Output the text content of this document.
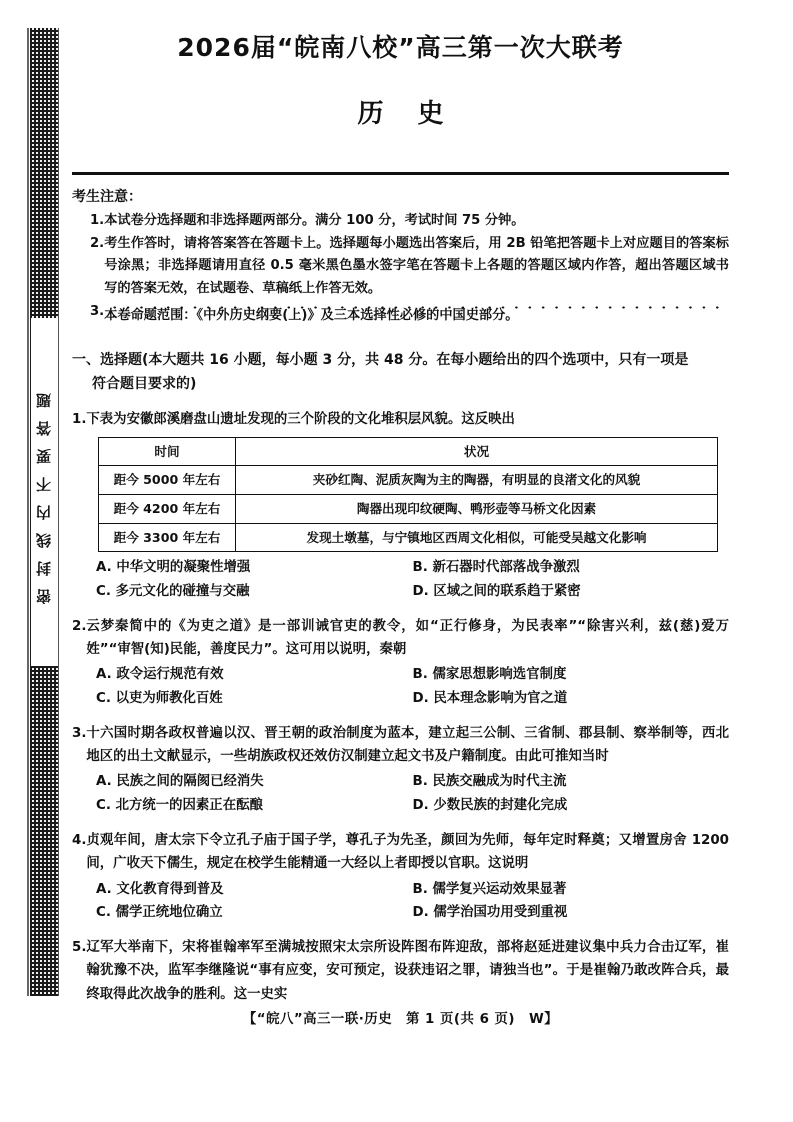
密封线内不要答题
2026届“皖南八校”高三第一次大联考
历史
考生注意：
1. 本试卷分选择题和非选择题两部分。满分 100 分，考试时间 75 分钟。
2. 考生作答时，请将答案答在答题卡上。选择题每小题选出答案后，用 2B 铅笔把答题卡上对应题目的答案标号涂黑；非选择题请用直径 0.5 毫米黑色墨水签字笔在答题卡上各题的答题区域内作答，超出答题区域书写的答案无效，在试题卷、草稿纸上作答无效。
3. 本卷命题范围：《中外历史纲要(上)》及三本选择性必修的中国史部分。
一、选择题(本大题共 16 小题，每小题 3 分，共 48 分。在每小题给出的四个选项中，只有一项是
符合题目要求的)
1. 下表为安徽郎溪磨盘山遗址发现的三个阶段的文化堆积层风貌。这反映出
时间	状况
距今 5000 年左右	夹砂红陶、泥质灰陶为主的陶器，有明显的良渚文化的风貌
距今 4200 年左右	陶器出现印纹硬陶、鸭形壶等马桥文化因素
距今 3300 年左右	发现土墩墓，与宁镇地区西周文化相似，可能受吴越文化影响
A. 中华文明的凝聚性增强	B. 新石器时代部落战争激烈
C. 多元文化的碰撞与交融	D. 区域之间的联系趋于紧密
2. 云梦秦简中的《为吏之道》是一部训诫官吏的教令，如“正行修身，为民表率”“除害兴利，兹(慈)爱万姓”“审智(知)民能，善度民力”。这可用以说明，秦朝
A. 政令运行规范有效	B. 儒家思想影响选官制度
C. 以吏为师教化百姓	D. 民本理念影响为官之道
3. 十六国时期各政权普遍以汉、晋王朝的政治制度为蓝本，建立起三公制、三省制、郡县制、察举制等，西北地区的出土文献显示，一些胡族政权还效仿汉制建立起文书及户籍制度。由此可推知当时
A. 民族之间的隔阂已经消失	B. 民族交融成为时代主流
C. 北方统一的因素正在酝酿	D. 少数民族的封建化完成
4. 贞观年间，唐太宗下令立孔子庙于国子学，尊孔子为先圣，颜回为先师，每年定时释奠；又增置房舍 1200 间，广收天下儒生，规定在校学生能精通一大经以上者即授以官职。这说明
A. 文化教育得到普及	B. 儒学复兴运动效果显著
C. 儒学正统地位确立	D. 儒学治国功用受到重视
5. 辽军大举南下，宋将崔翰率军至满城按照宋太宗所设阵图布阵迎敌，部将赵延进建议集中兵力合击辽军，崔翰犹豫不决，监军李继隆说“事有应变，安可预定，设获违诏之罪，请独当也”。于是崔翰乃敢改阵合兵，最终取得此次战争的胜利。这一史实
【“皖八”高三一联·历史　第 1 页(共 6 页)　W】
